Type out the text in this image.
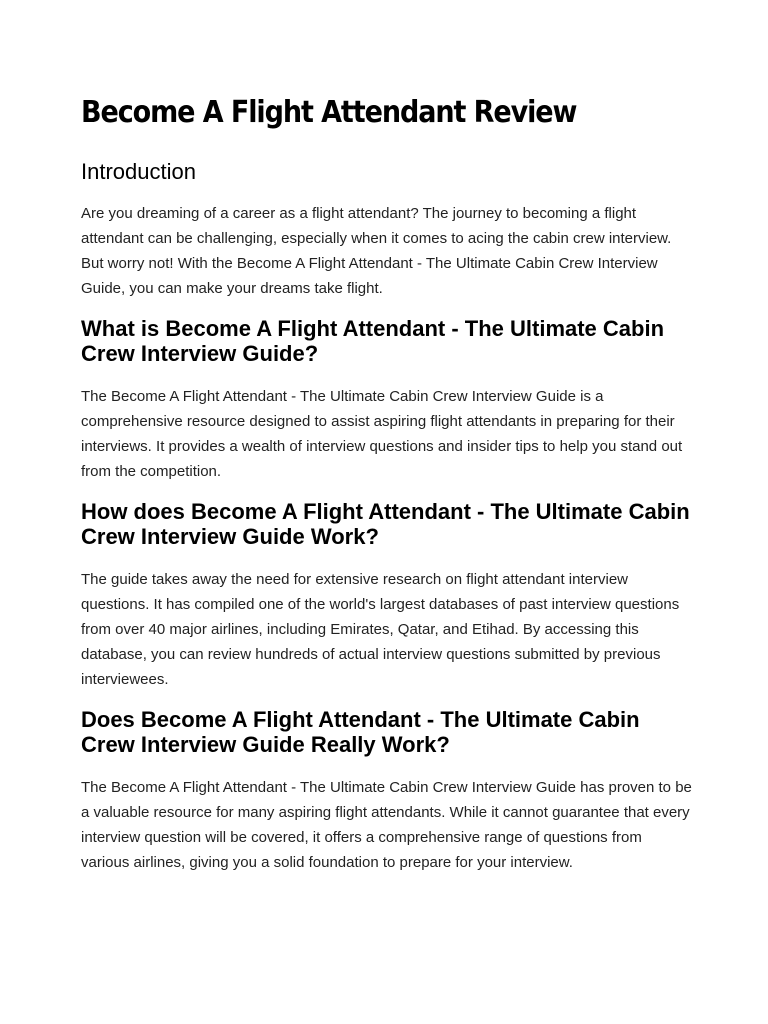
Become A Flight Attendant Review
Introduction

Are you dreaming of a career as a flight attendant? The journey to becoming a flight attendant can be challenging, especially when it comes to acing the cabin crew interview. But worry not! With the Become A Flight Attendant - The Ultimate Cabin Crew Interview Guide, you can make your dreams take flight.

What is Become A Flight Attendant - The Ultimate Cabin Crew Interview Guide?

The Become A Flight Attendant - The Ultimate Cabin Crew Interview Guide is a comprehensive resource designed to assist aspiring flight attendants in preparing for their interviews. It provides a wealth of interview questions and insider tips to help you stand out from the competition.

How does Become A Flight Attendant - The Ultimate Cabin Crew Interview Guide Work?

The guide takes away the need for extensive research on flight attendant interview questions. It has compiled one of the world's largest databases of past interview questions from over 40 major airlines, including Emirates, Qatar, and Etihad. By accessing this database, you can review hundreds of actual interview questions submitted by previous interviewees.

Does Become A Flight Attendant - The Ultimate Cabin Crew Interview Guide Really Work?

The Become A Flight Attendant - The Ultimate Cabin Crew Interview Guide has proven to be a valuable resource for many aspiring flight attendants. While it cannot guarantee that every interview question will be covered, it offers a comprehensive range of questions from various airlines, giving you a solid foundation to prepare for your interview.
